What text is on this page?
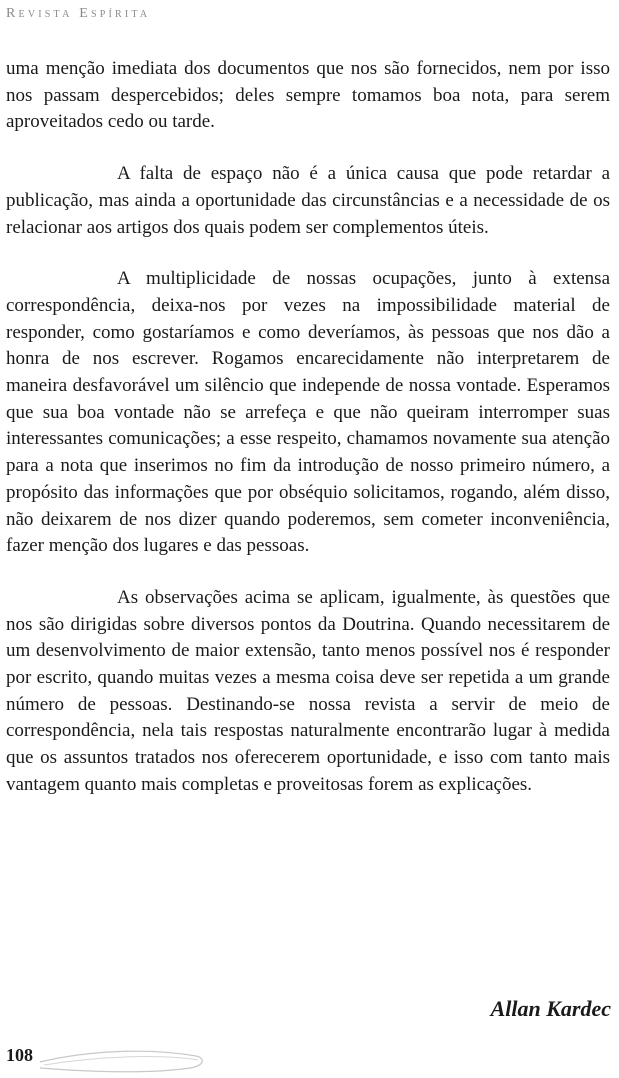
Revista Espírita

uma menção imediata dos documentos que nos são fornecidos, nem por isso nos passam despercebidos; deles sempre tomamos boa nota, para serem aproveitados cedo ou tarde.

A falta de espaço não é a única causa que pode retardar a publicação, mas ainda a oportunidade das circunstâncias e a necessidade de os relacionar aos artigos dos quais podem ser complementos úteis.

A multiplicidade de nossas ocupações, junto à extensa correspondência, deixa-nos por vezes na impossibilidade material de responder, como gostaríamos e como deveríamos, às pessoas que nos dão a honra de nos escrever. Rogamos encarecidamente não interpretarem de maneira desfavorável um silêncio que independe de nossa vontade. Esperamos que sua boa vontade não se arrefeça e que não queiram interromper suas interessantes comunicações; a esse respeito, chamamos novamente sua atenção para a nota que inserimos no fim da introdução de nosso primeiro número, a propósito das informações que por obséquio solicitamos, rogando, além disso, não deixarem de nos dizer quando poderemos, sem cometer inconveniência, fazer menção dos lugares e das pessoas.

As observações acima se aplicam, igualmente, às questões que nos são dirigidas sobre diversos pontos da Doutrina. Quando necessitarem de um desenvolvimento de maior extensão, tanto menos possível nos é responder por escrito, quando muitas vezes a mesma coisa deve ser repetida a um grande número de pessoas. Destinando-se nossa revista a servir de meio de correspondência, nela tais respostas naturalmente encontrarão lugar à medida que os assuntos tratados nos oferecerem oportunidade, e isso com tanto mais vantagem quanto mais completas e proveitosas forem as explicações.

Allan Kardec
108
